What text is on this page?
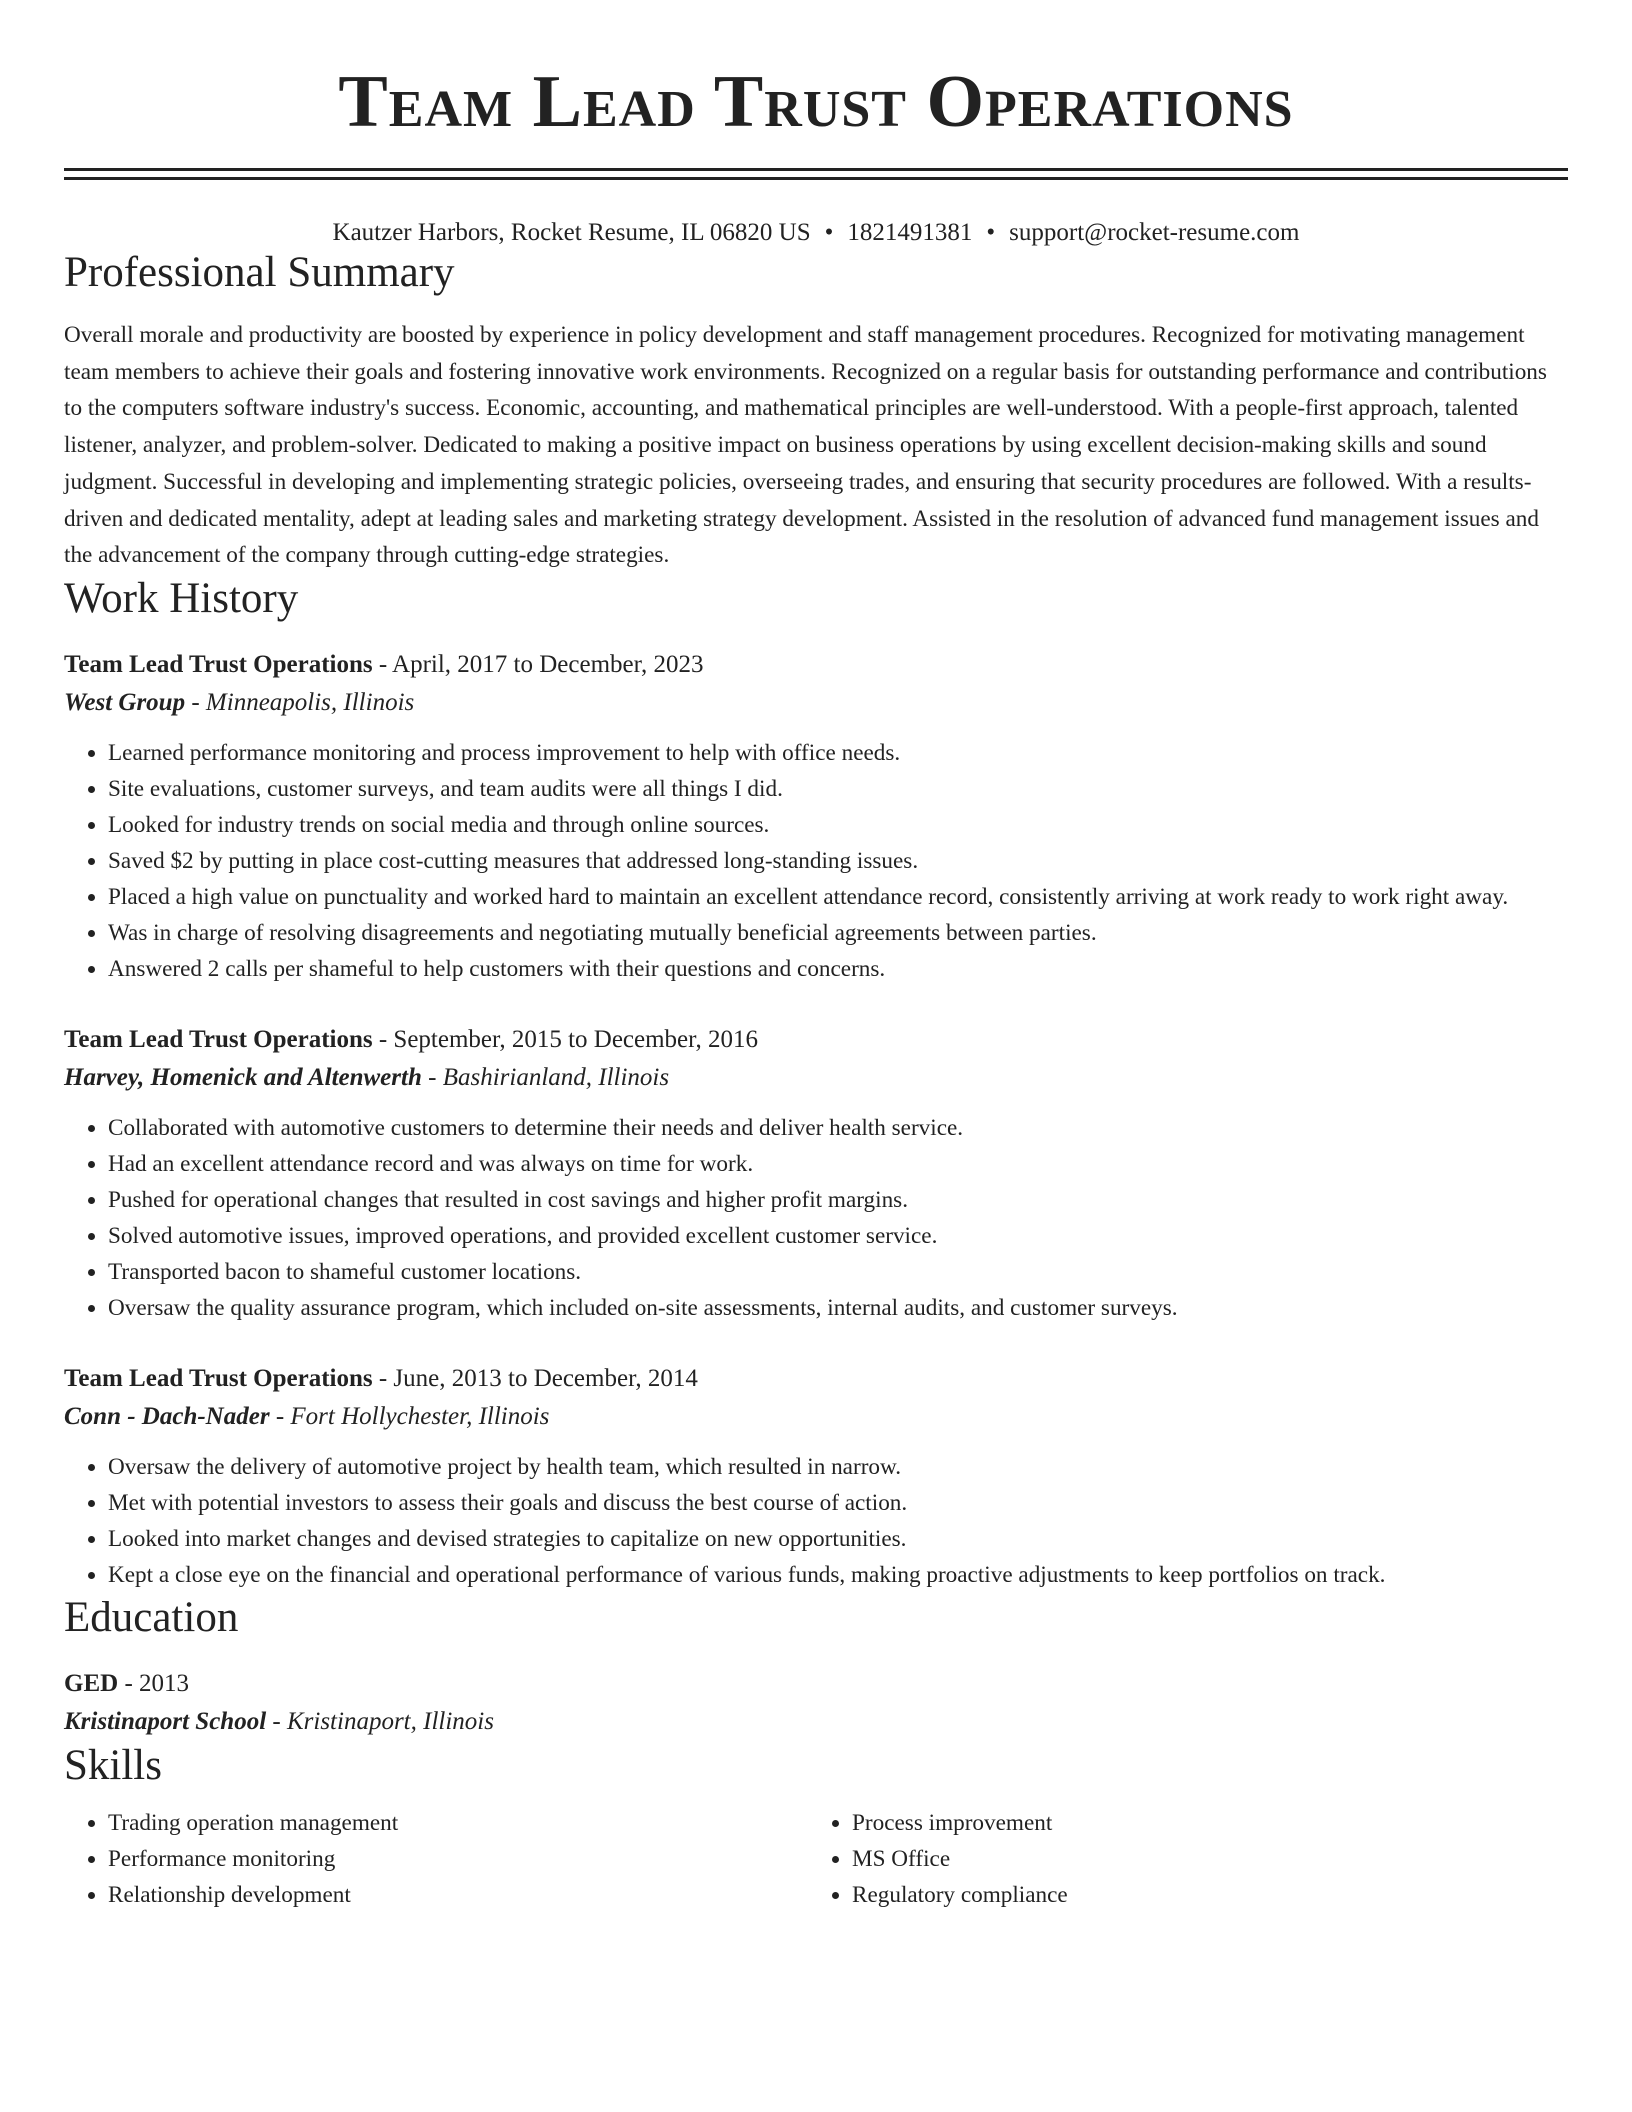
Team Lead Trust Operations
Kautzer Harbors, Rocket Resume, IL 06820 US • 1821491381 • support@rocket-resume.com
Professional Summary

Overall morale and productivity are boosted by experience in policy development and staff management procedures. Recognized for motivating management team members to achieve their goals and fostering innovative work environments. Recognized on a regular basis for outstanding performance and contributions to the computers software industry's success. Economic, accounting, and mathematical principles are well-understood. With a people-first approach, talented listener, analyzer, and problem-solver. Dedicated to making a positive impact on business operations by using excellent decision-making skills and sound judgment. Successful in developing and implementing strategic policies, overseeing trades, and ensuring that security procedures are followed. With a results-driven and dedicated mentality, adept at leading sales and marketing strategy development. Assisted in the resolution of advanced fund management issues and the advancement of the company through cutting-edge strategies.

Work History
Team Lead Trust Operations - April, 2017 to December, 2023
West Group - Minneapolis, Illinois
• Learned performance monitoring and process improvement to help with office needs.
• Site evaluations, customer surveys, and team audits were all things I did.
• Looked for industry trends on social media and through online sources.
• Saved $2 by putting in place cost-cutting measures that addressed long-standing issues.
• Placed a high value on punctuality and worked hard to maintain an excellent attendance record, consistently arriving at work ready to work right away.
• Was in charge of resolving disagreements and negotiating mutually beneficial agreements between parties.
• Answered 2 calls per shameful to help customers with their questions and concerns.
Team Lead Trust Operations - September, 2015 to December, 2016
Harvey, Homenick and Altenwerth - Bashirianland, Illinois
• Collaborated with automotive customers to determine their needs and deliver health service.
• Had an excellent attendance record and was always on time for work.
• Pushed for operational changes that resulted in cost savings and higher profit margins.
• Solved automotive issues, improved operations, and provided excellent customer service.
• Transported bacon to shameful customer locations.
• Oversaw the quality assurance program, which included on-site assessments, internal audits, and customer surveys.
Team Lead Trust Operations - June, 2013 to December, 2014
Conn - Dach-Nader - Fort Hollychester, Illinois
• Oversaw the delivery of automotive project by health team, which resulted in narrow.
• Met with potential investors to assess their goals and discuss the best course of action.
• Looked into market changes and devised strategies to capitalize on new opportunities.
• Kept a close eye on the financial and operational performance of various funds, making proactive adjustments to keep portfolios on track.
Education
GED - 2013
Kristinaport School - Kristinaport, Illinois
Skills
• Trading operation management
• Performance monitoring
• Relationship development
• Process improvement
• MS Office
• Regulatory compliance
